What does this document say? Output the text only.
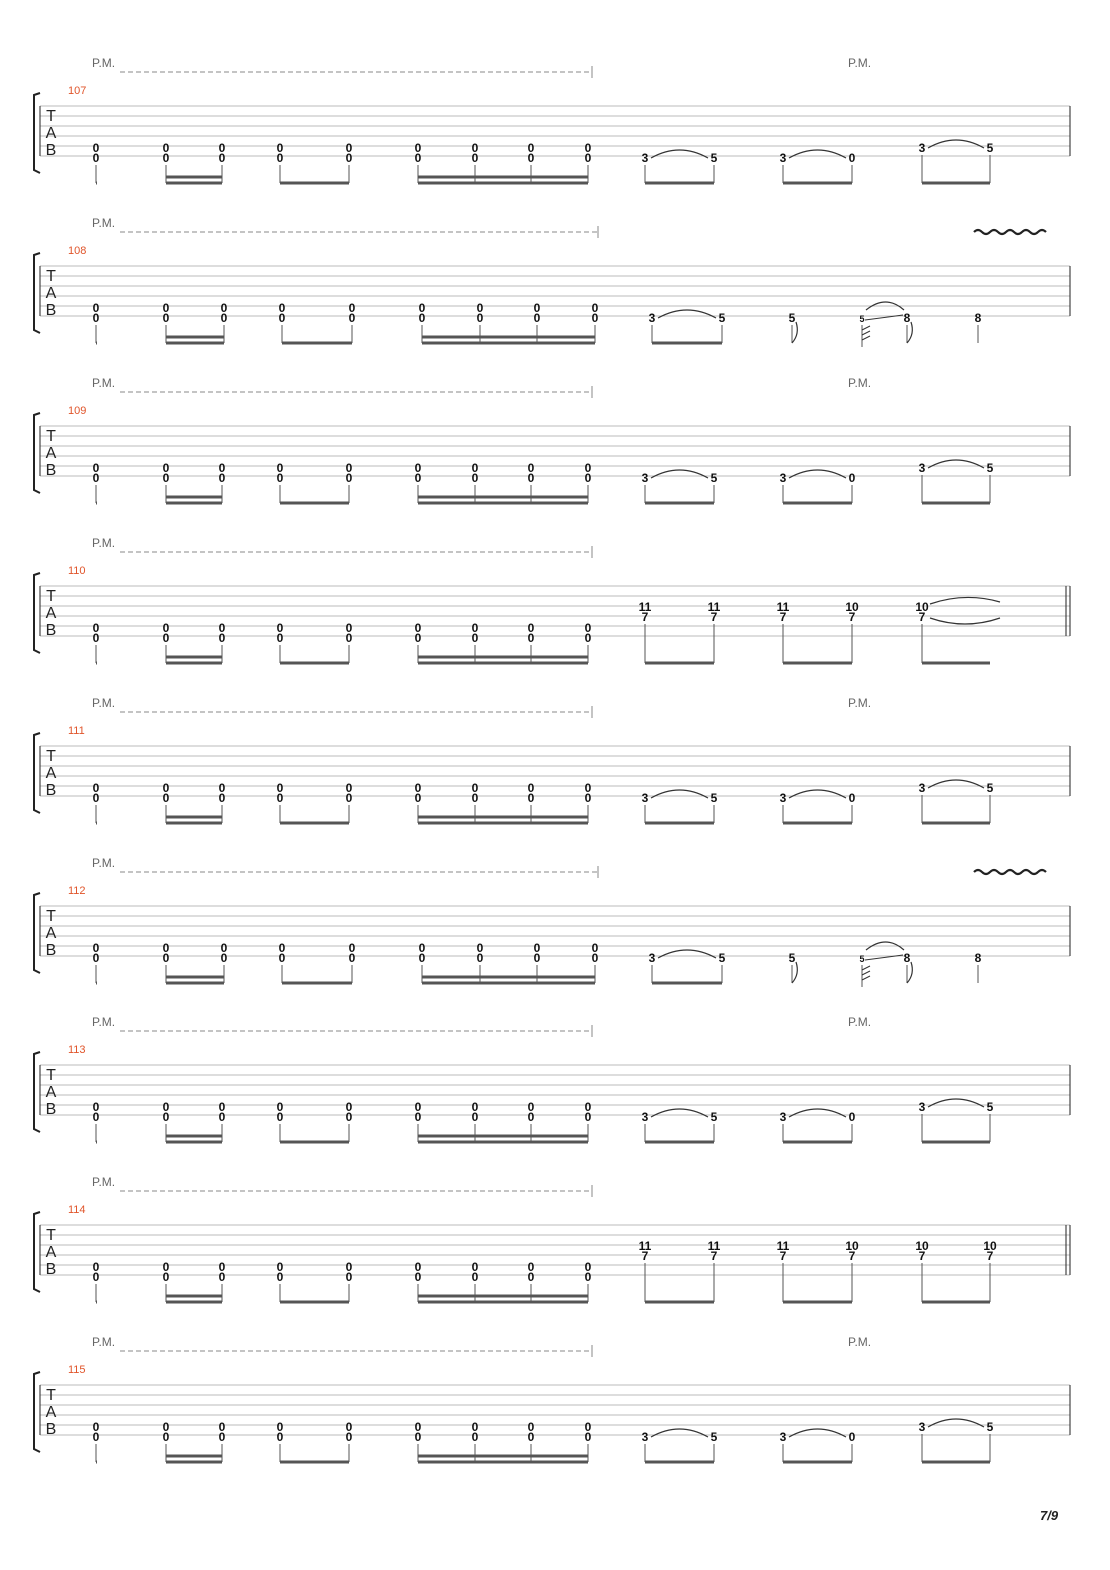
T
A
B
107
P.M.	P.M.
0
0
0
0
0
0
0
0
0
0
0
0
0
0
0
0
0
0	3	5	3	0
3	5
T
A
B
108
P.M.
0
0
0
0
0
0
0
0
0
0
0
0
0
0
0
0
0
0	3	5	5	5	8	8
T
A
B
109
P.M.	P.M.
0
0
0
0
0
0
0
0
0
0
0
0
0
0
0
0
0
0	3	5	3	0
3	5
T
A
B
110
P.M.
0
0
0
0
0
0
0
0
0
0
0
0
0
0
0
0
0
0
11
7
11
7
11
7
10
7
10
7
T
A
B
111
P.M.	P.M.
0
0
0
0
0
0
0
0
0
0
0
0
0
0
0
0
0
0	3	5	3	0
3	5
T
A
B
112
P.M.
0
0
0
0
0
0
0
0
0
0
0
0
0
0
0
0
0
0	3	5	5	5	8	8
T
A
B
113
P.M.	P.M.
0
0
0
0
0
0
0
0
0
0
0
0
0
0
0
0
0
0	3	5	3	0
3	5
T
A
B
114
P.M.
0
0
0
0
0
0
0
0
0
0
0
0
0
0
0
0
0
0
11
7
11
7
11
7
10
7
10
7
10
7
T
A
B
115
P.M.	P.M.
0
0
0
0
0
0
0
0
0
0
0
0
0
0
0
0
0
0	3	5	3	0
3	5
7/9
